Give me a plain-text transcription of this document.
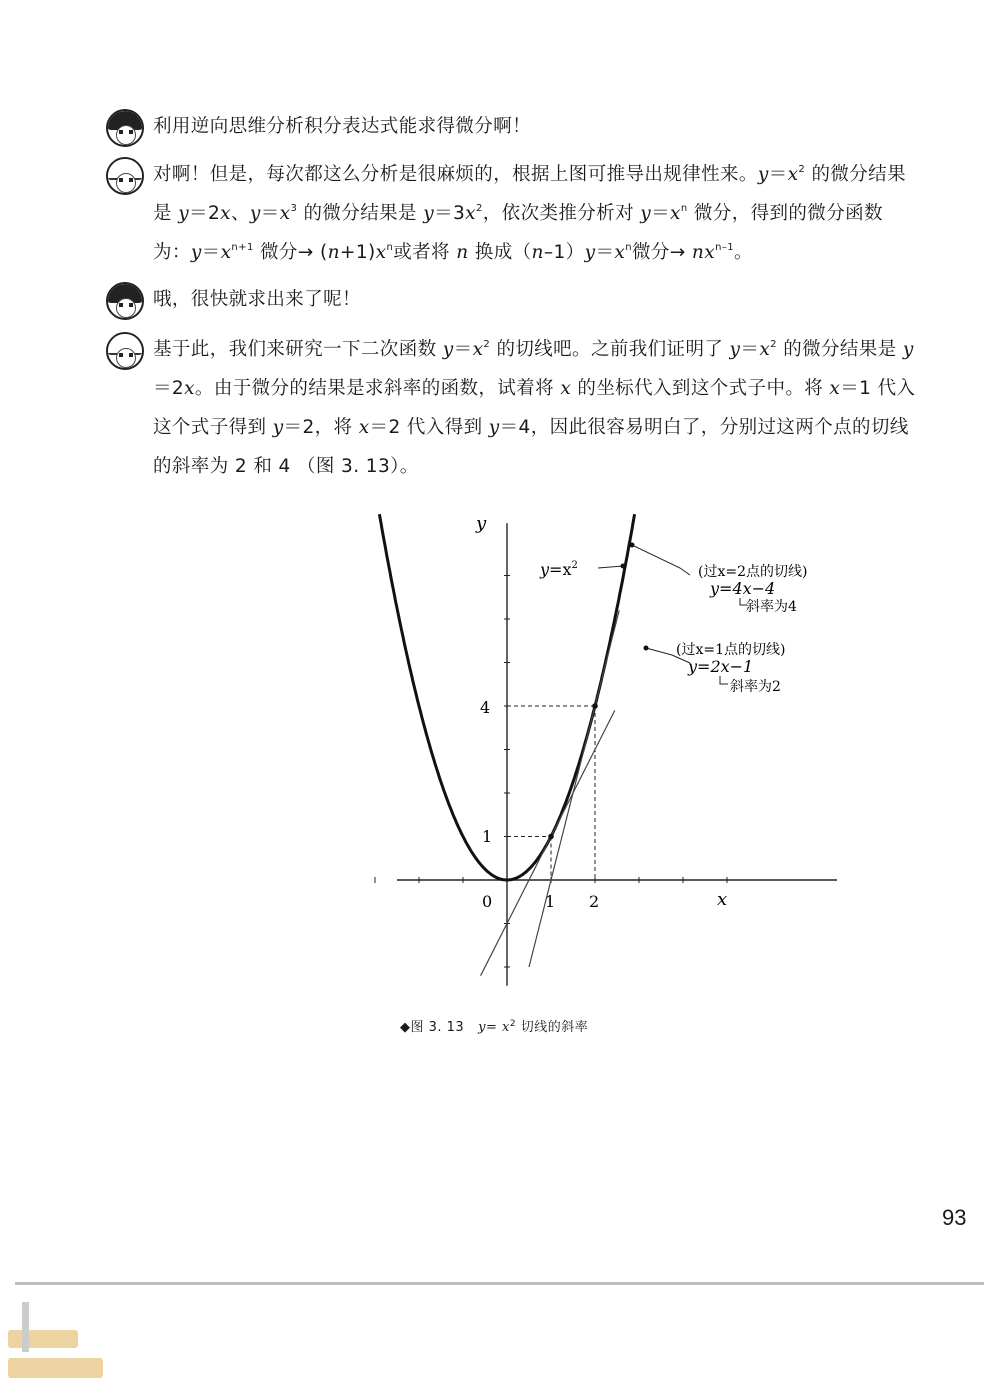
利用逆向思维分析积分表达式能求得微分啊！
对啊！但是，每次都这么分析是很麻烦的，根据上图可推导出规律性来。$y=x^2$ 的微分结果是 y＝2x、$y=x^3$ 的微分结果是 $y=3x^2$，依次类推分析对 $y=x^n$ 微分，得到的微分函数为：$y=x^{n+1}$ 微分→ $(n+1)x^n$或者将 n 换成$(n-1)y=x^n$微分→ $nx^{n-1}$。
哦，很快就求出来了呢！
基于此，我们来研究一下二次函数 $y=x^2$ 的切线吧。之前我们证明了 $y=x^2$ 的微分结果是 y＝2x。由于微分的结果是求斜率的函数，试着将 x 的坐标代入到这个式子中。将 x＝1 代入这个式子得到 y＝2，将 x＝2 代入得到 y＝4，因此很容易明白了，分别过这两个点的切线的斜率为 2 和 4 （图 3. 13）。
y
x
0	1 2
1
4
$y=x^2$	(过x=2点的切线)
y=4x−4
斜率为4
(过x=1点的切线)
y=2x−1
斜率为2
◆图 3. 13 $y= x^2$ 切线的斜率
93
